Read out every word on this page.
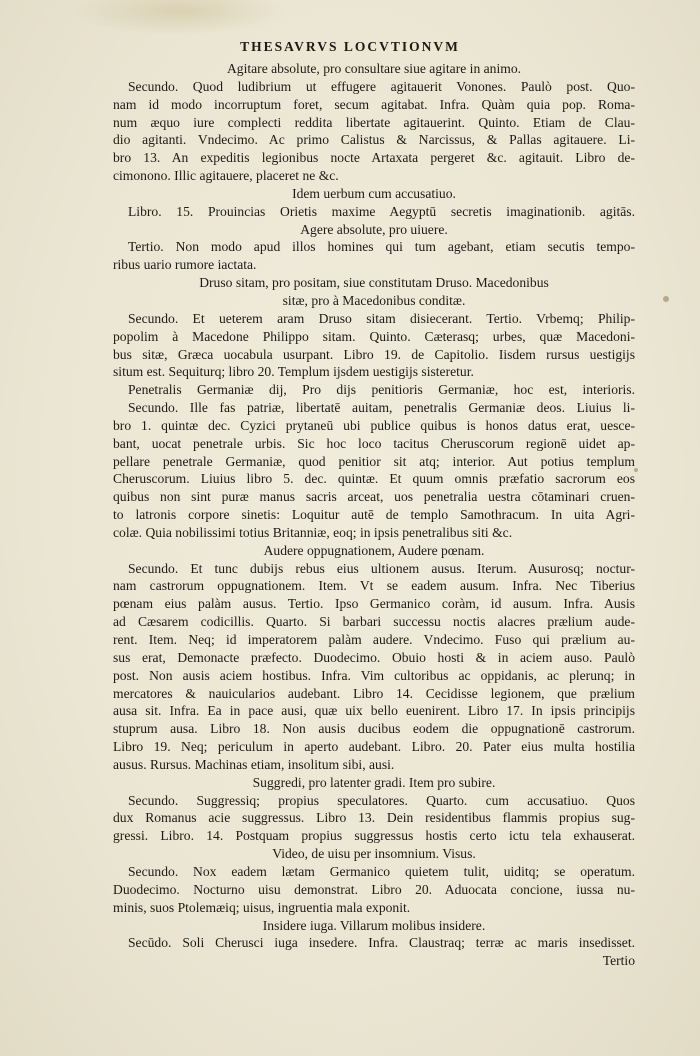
THESAVRVS LOCVTIONVM
Agitare absolute, pro consultare siue agitare in animo.
Secundo. Quod ludibrium ut effugere agitauerit Vonones. Paulò post. Quo-
nam id modo incorruptum foret, secum agitabat. Infra. Quàm quia pop. Roma-
num æquo iure complecti reddita libertate agitauerint. Quinto. Etiam de Clau-
dio agitanti. Vndecimo. Ac primo Calistus & Narcissus, & Pallas agitauere. Li-
bro 13. An expeditis legionibus nocte Artaxata pergeret &c. agitauit. Libro de-
cimonono. Illic agitauere, placeret ne &c.
Idem uerbum cum accusatiuo.
Libro. 15. Prouincias Orietis maxime Aegyptū secretis imaginationib. agitās.
Agere absolute, pro uiuere.
Tertio. Non modo apud illos homines qui tum agebant, etiam secutis tempo-
ribus uario rumore iactata.
Druso sitam, pro positam, siue constitutam Druso. Macedonibus
sitæ, pro à Macedonibus conditæ.
Secundo. Et ueterem aram Druso sitam disiecerant. Tertio. Vrbemq; Philip-
popolim à Macedone Philippo sitam. Quinto. Cæterasq; urbes, quæ Macedoni-
bus sitæ, Græca uocabula usurpant. Libro 19. de Capitolio. Iisdem rursus uestigijs
situm est. Sequiturq; libro 20. Templum ijsdem uestigijs sisteretur.
Penetralis Germaniæ dij, Pro dijs penitioris Germaniæ, hoc est, interioris.
Secundo. Ille fas patriæ, libertatē auitam, penetralis Germaniæ deos. Liuius li-
bro 1. quintæ dec. Cyzici prytaneū ubi publice quibus is honos datus erat, uesce-
bant, uocat penetrale urbis. Sic hoc loco tacitus Cheruscorum regionē uidet ap-
pellare penetrale Germaniæ, quod penitior sit atq; interior. Aut potius templum
Cheruscorum. Liuius libro 5. dec. quintæ. Et quum omnis præfatio sacrorum eos
quibus non sint puræ manus sacris arceat, uos penetralia uestra cōtaminari cruen-
to latronis corpore sinetis: Loquitur autē de templo Samothracum. In uita Agri-
colæ. Quia nobilissimi totius Britanniæ, eoq; in ipsis penetralibus siti &c.
Audere oppugnationem, Audere pœnam.
Secundo. Et tunc dubijs rebus eius ultionem ausus. Iterum. Ausurosq; noctur-
nam castrorum oppugnationem. Item. Vt se eadem ausum. Infra. Nec Tiberius
pœnam eius palàm ausus. Tertio. Ipso Germanico coràm, id ausum. Infra. Ausis
ad Cæsarem codicillis. Quarto. Si barbari successu noctis alacres prælium aude-
rent. Item. Neq; id imperatorem palàm audere. Vndecimo. Fuso qui prælium au-
sus erat, Demonacte præfecto. Duodecimo. Obuio hosti & in aciem auso. Paulò
post. Non ausis aciem hostibus. Infra. Vim cultoribus ac oppidanis, ac plerunq; in
mercatores & nauicularios audebant. Libro 14. Cecidisse legionem, que prælium
ausa sit. Infra. Ea in pace ausi, quæ uix bello euenirent. Libro 17. In ipsis principijs
stuprum ausa. Libro 18. Non ausis ducibus eodem die oppugnationē castrorum.
Libro 19. Neq; periculum in aperto audebant. Libro. 20. Pater eius multa hostilia
ausus. Rursus. Machinas etiam, insolitum sibi, ausi.
Suggredi, pro latenter gradi. Item pro subire.
Secundo. Suggressiq; propius speculatores. Quarto. cum accusatiuo. Quos
dux Romanus acie suggressus. Libro 13. Dein residentibus flammis propius sug-
gressi. Libro. 14. Postquam propius suggressus hostis certo ictu tela exhauserat.
Video, de uisu per insomnium. Visus.
Secundo. Nox eadem lætam Germanico quietem tulit, uiditq; se operatum.
Duodecimo. Nocturno uisu demonstrat. Libro 20. Aduocata concione, iussa nu-
minis, suos Ptolemæiq; uisus, ingruentia mala exponit.
Insidere iuga. Villarum molibus insidere.
Secūdo. Soli Cherusci iuga insedere. Infra. Claustraq; terræ ac maris insedisset.
Tertio
